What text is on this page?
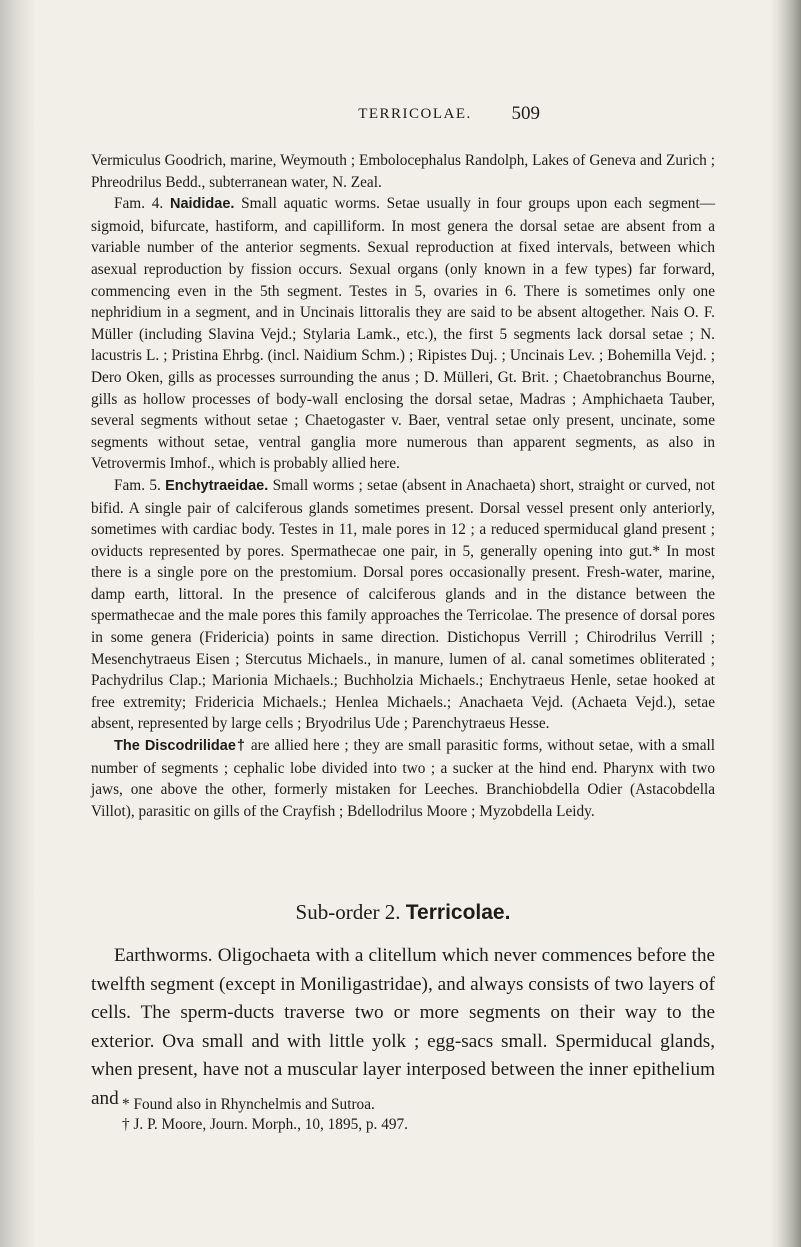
TERRICOLAE.	509

Vermiculus Goodrich, marine, Weymouth ; Embolocephalus Randolph, Lakes of Geneva and Zurich ; Phreodrilus Bedd., subterranean water, N. Zeal.

Fam. 4. Naididae. Small aquatic worms. Setae usually in four groups upon each segment—sigmoid, bifurcate, hastiform, and capilliform. In most genera the dorsal setae are absent from a variable number of the anterior segments. Sexual reproduction at fixed intervals, between which asexual reproduction by fission occurs. Sexual organs (only known in a few types) far forward, commencing even in the 5th segment. Testes in 5, ovaries in 6. There is sometimes only one nephridium in a segment, and in Uncinais littoralis they are said to be absent altogether. Nais O. F. Müller (including Slavina Vejd.; Stylaria Lamk., etc.), the first 5 segments lack dorsal setae ; N. lacustris L. ; Pristina Ehrbg. (incl. Naidium Schm.) ; Ripistes Duj. ; Uncinais Lev. ; Bohemilla Vejd. ; Dero Oken, gills as processes surrounding the anus ; D. Mülleri, Gt. Brit. ; Chaetobranchus Bourne, gills as hollow processes of body-wall enclosing the dorsal setae, Madras ; Amphichaeta Tauber, several segments without setae ; Chaetogaster v. Baer, ventral setae only present, uncinate, some segments without setae, ventral ganglia more numerous than apparent segments, as also in Vetrovermis Imhof., which is probably allied here.

Fam. 5. Enchytraeidae. Small worms ; setae (absent in Anachaeta) short, straight or curved, not bifid. A single pair of calciferous glands sometimes present. Dorsal vessel present only anteriorly, sometimes with cardiac body. Testes in 11, male pores in 12 ; a reduced spermiducal gland present ; oviducts represented by pores. Spermathecae one pair, in 5, generally opening into gut.* In most there is a single pore on the prestomium. Dorsal pores occasionally present. Fresh-water, marine, damp earth, littoral. In the presence of calciferous glands and in the distance between the spermathecae and the male pores this family approaches the Terricolae. The presence of dorsal pores in some genera (Fridericia) points in same direction. Distichopus Verrill ; Chirodrilus Verrill ; Mesenchytraeus Eisen ; Stercutus Michaels., in manure, lumen of al. canal sometimes obliterated ; Pachydrilus Clap.; Marionia Michaels.; Buchholzia Michaels.; Enchytraeus Henle, setae hooked at free extremity; Fridericia Michaels.; Henlea Michaels.; Anachaeta Vejd. (Achaeta Vejd.), setae absent, represented by large cells ; Bryodrilus Ude ; Parenchytraeus Hesse.

The Discodrilidae† are allied here ; they are small parasitic forms, without setae, with a small number of segments ; cephalic lobe divided into two ; a sucker at the hind end. Pharynx with two jaws, one above the other, formerly mistaken for Leeches. Branchiobdella Odier (Astacobdella Villot), parasitic on gills of the Crayfish ; Bdellodrilus Moore ; Myzobdella Leidy.

Sub-order 2. Terricolae.

Earthworms. Oligochaeta with a clitellum which never commences before the twelfth segment (except in Moniligastridae), and always consists of two layers of cells. The sperm-ducts traverse two or more segments on their way to the exterior. Ova small and with little yolk ; egg-sacs small. Spermiducal glands, when present, have not a muscular layer interposed between the inner epithelium and * Found also in Rhynchelmis and Sutroa.

† J. P. Moore, Journ. Morph., 10, 1895, p. 497.
